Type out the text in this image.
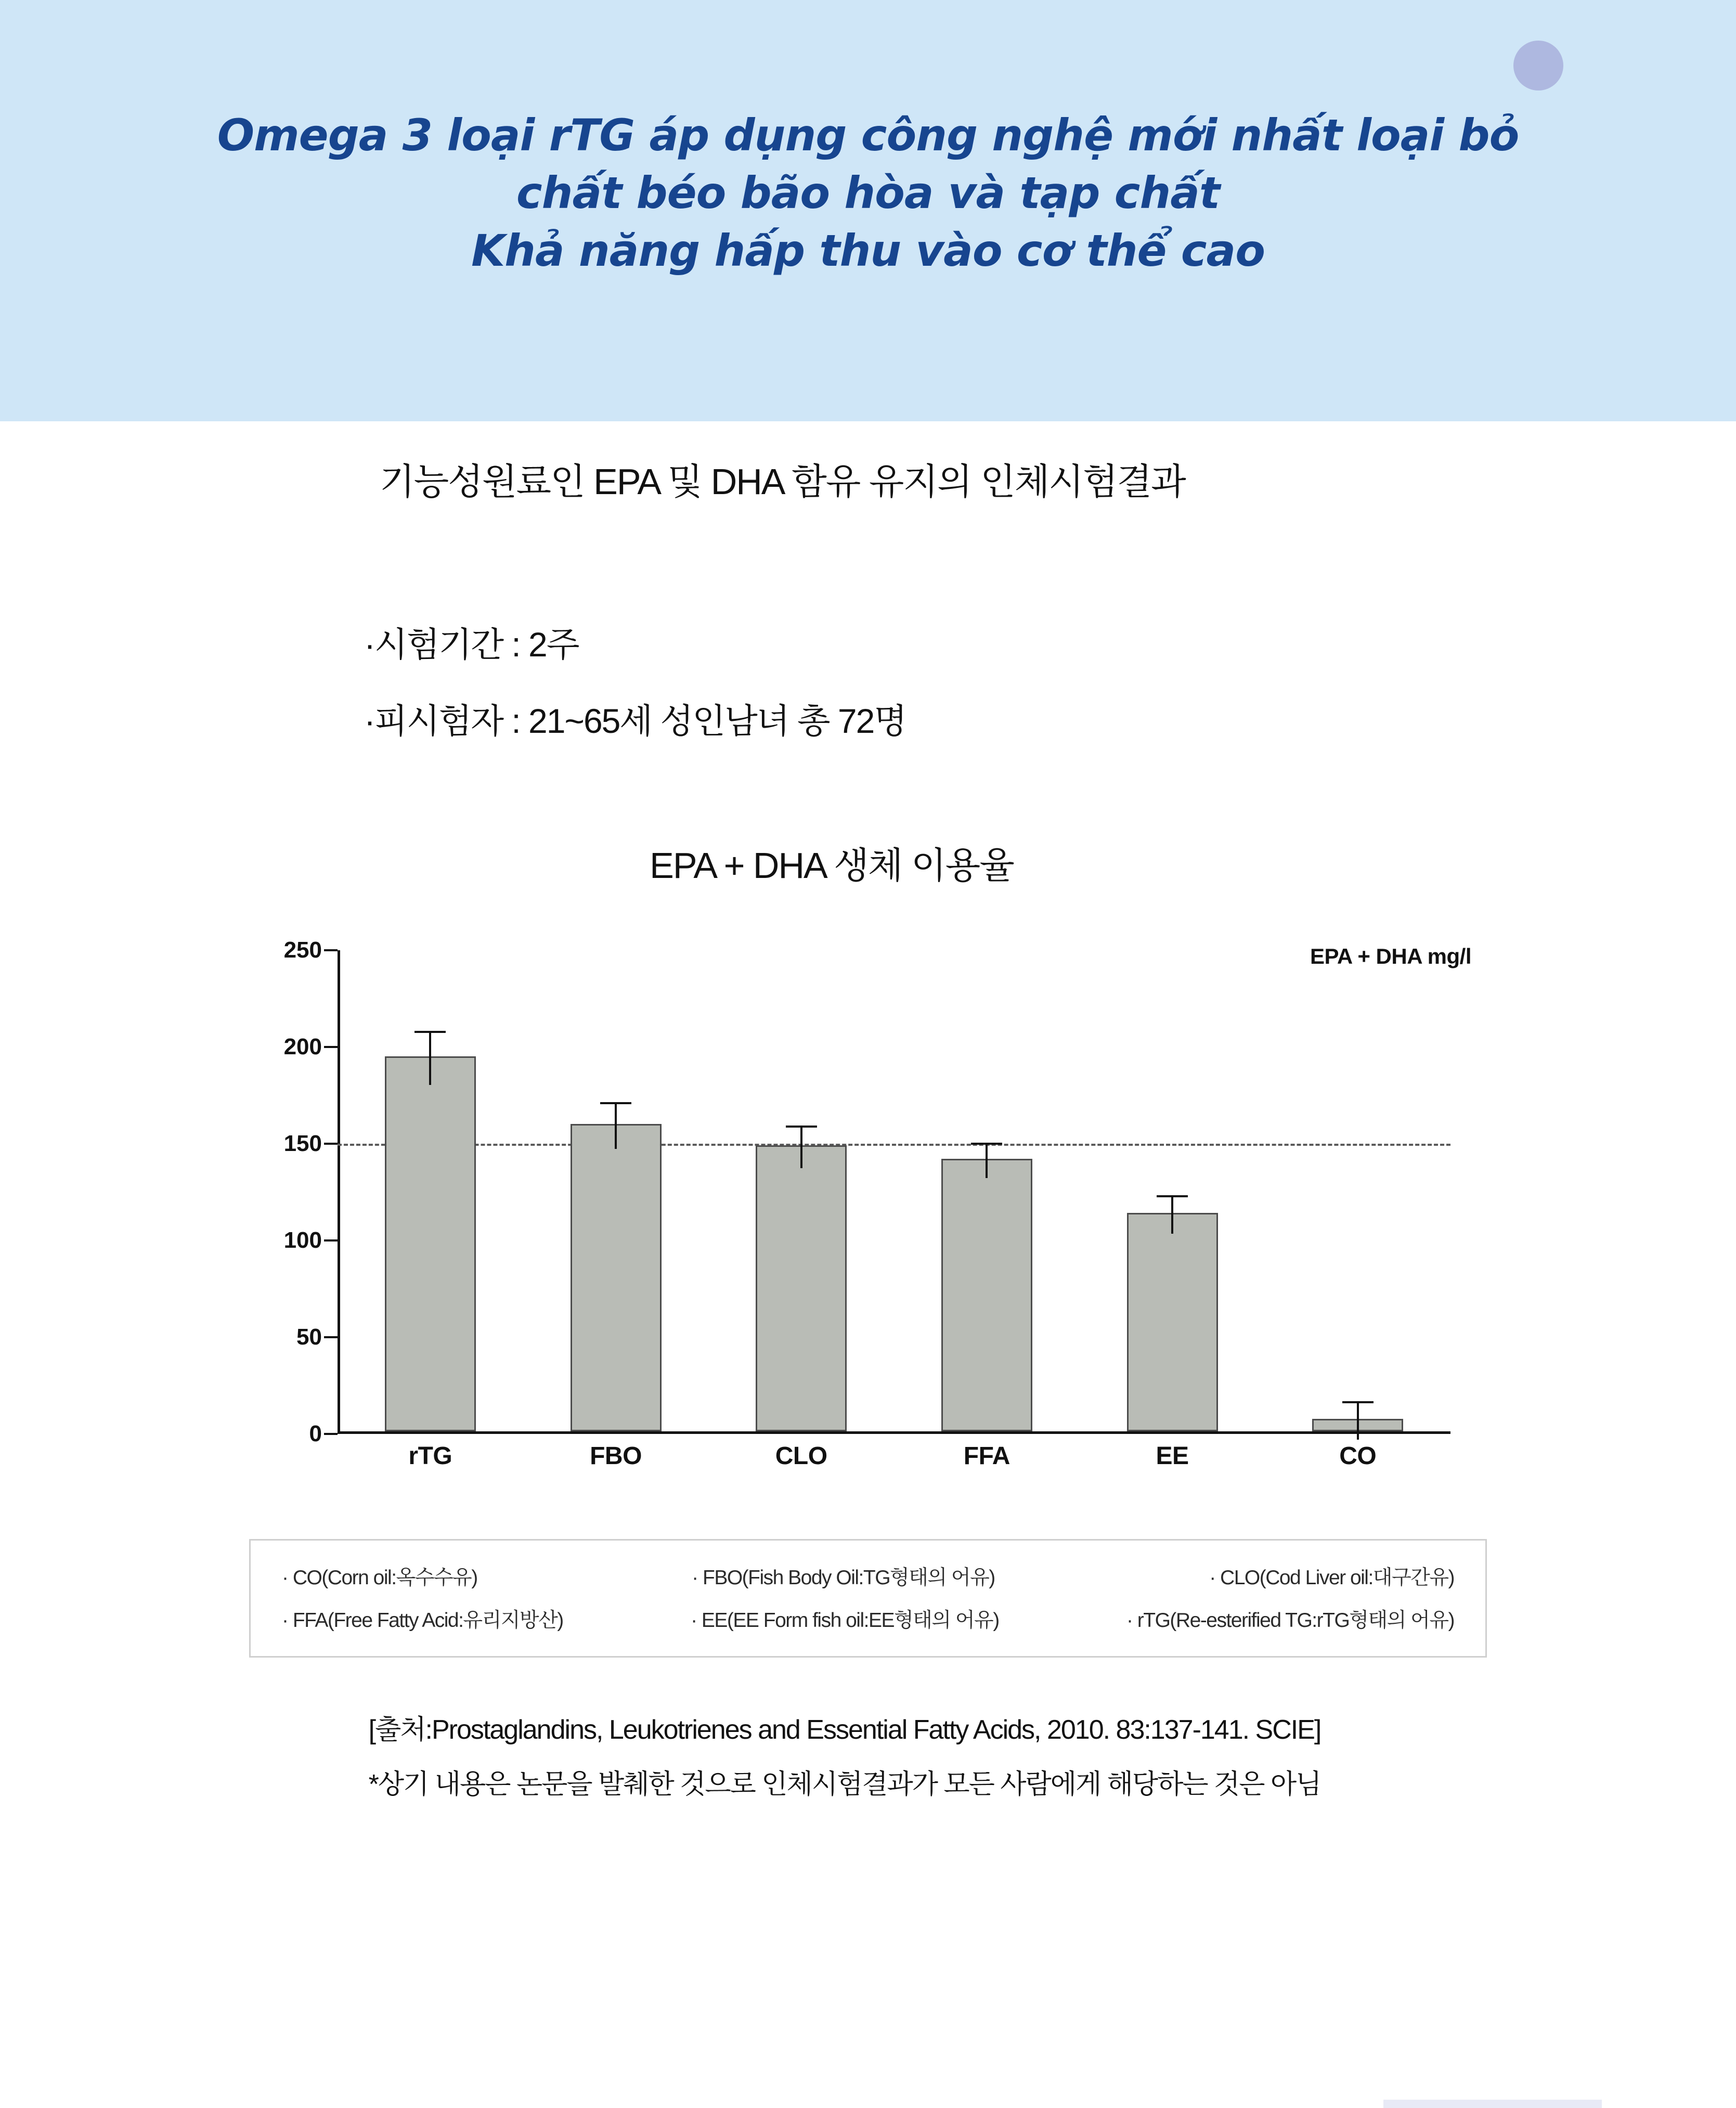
Omega 3 loại rTG áp dụng công nghệ mới nhất loại bỏ
chất béo bão hòa và tạp chất
Khả năng hấp thu vào cơ thể cao
기능성원료인 EPA 및 DHA 함유 유지의 인체시험결과
·시험기간 : 2주
·피시험자 : 21~65세 성인남녀 총 72명
EPA + DHA 생체 이용율
EPA + DHA mg/l
0
50
100
150
200
250
rTG	FBO	CLO	FFA	EE	CO
· CO(Corn oil:옥수수유)	· FBO(Fish Body Oil:TG형태의 어유)	· CLO(Cod Liver oil:대구간유)
· FFA(Free Fatty Acid:유리지방산)	· EE(EE Form fish oil:EE형태의 어유)	· rTG(Re-esterified TG:rTG형태의 어유)
[출처:Prostaglandins, Leukotrienes and Essential Fatty Acids, 2010. 83:137-141. SCIE]
*상기 내용은 논문을 발췌한 것으로 인체시험결과가 모든 사람에게 해당하는 것은 아님
